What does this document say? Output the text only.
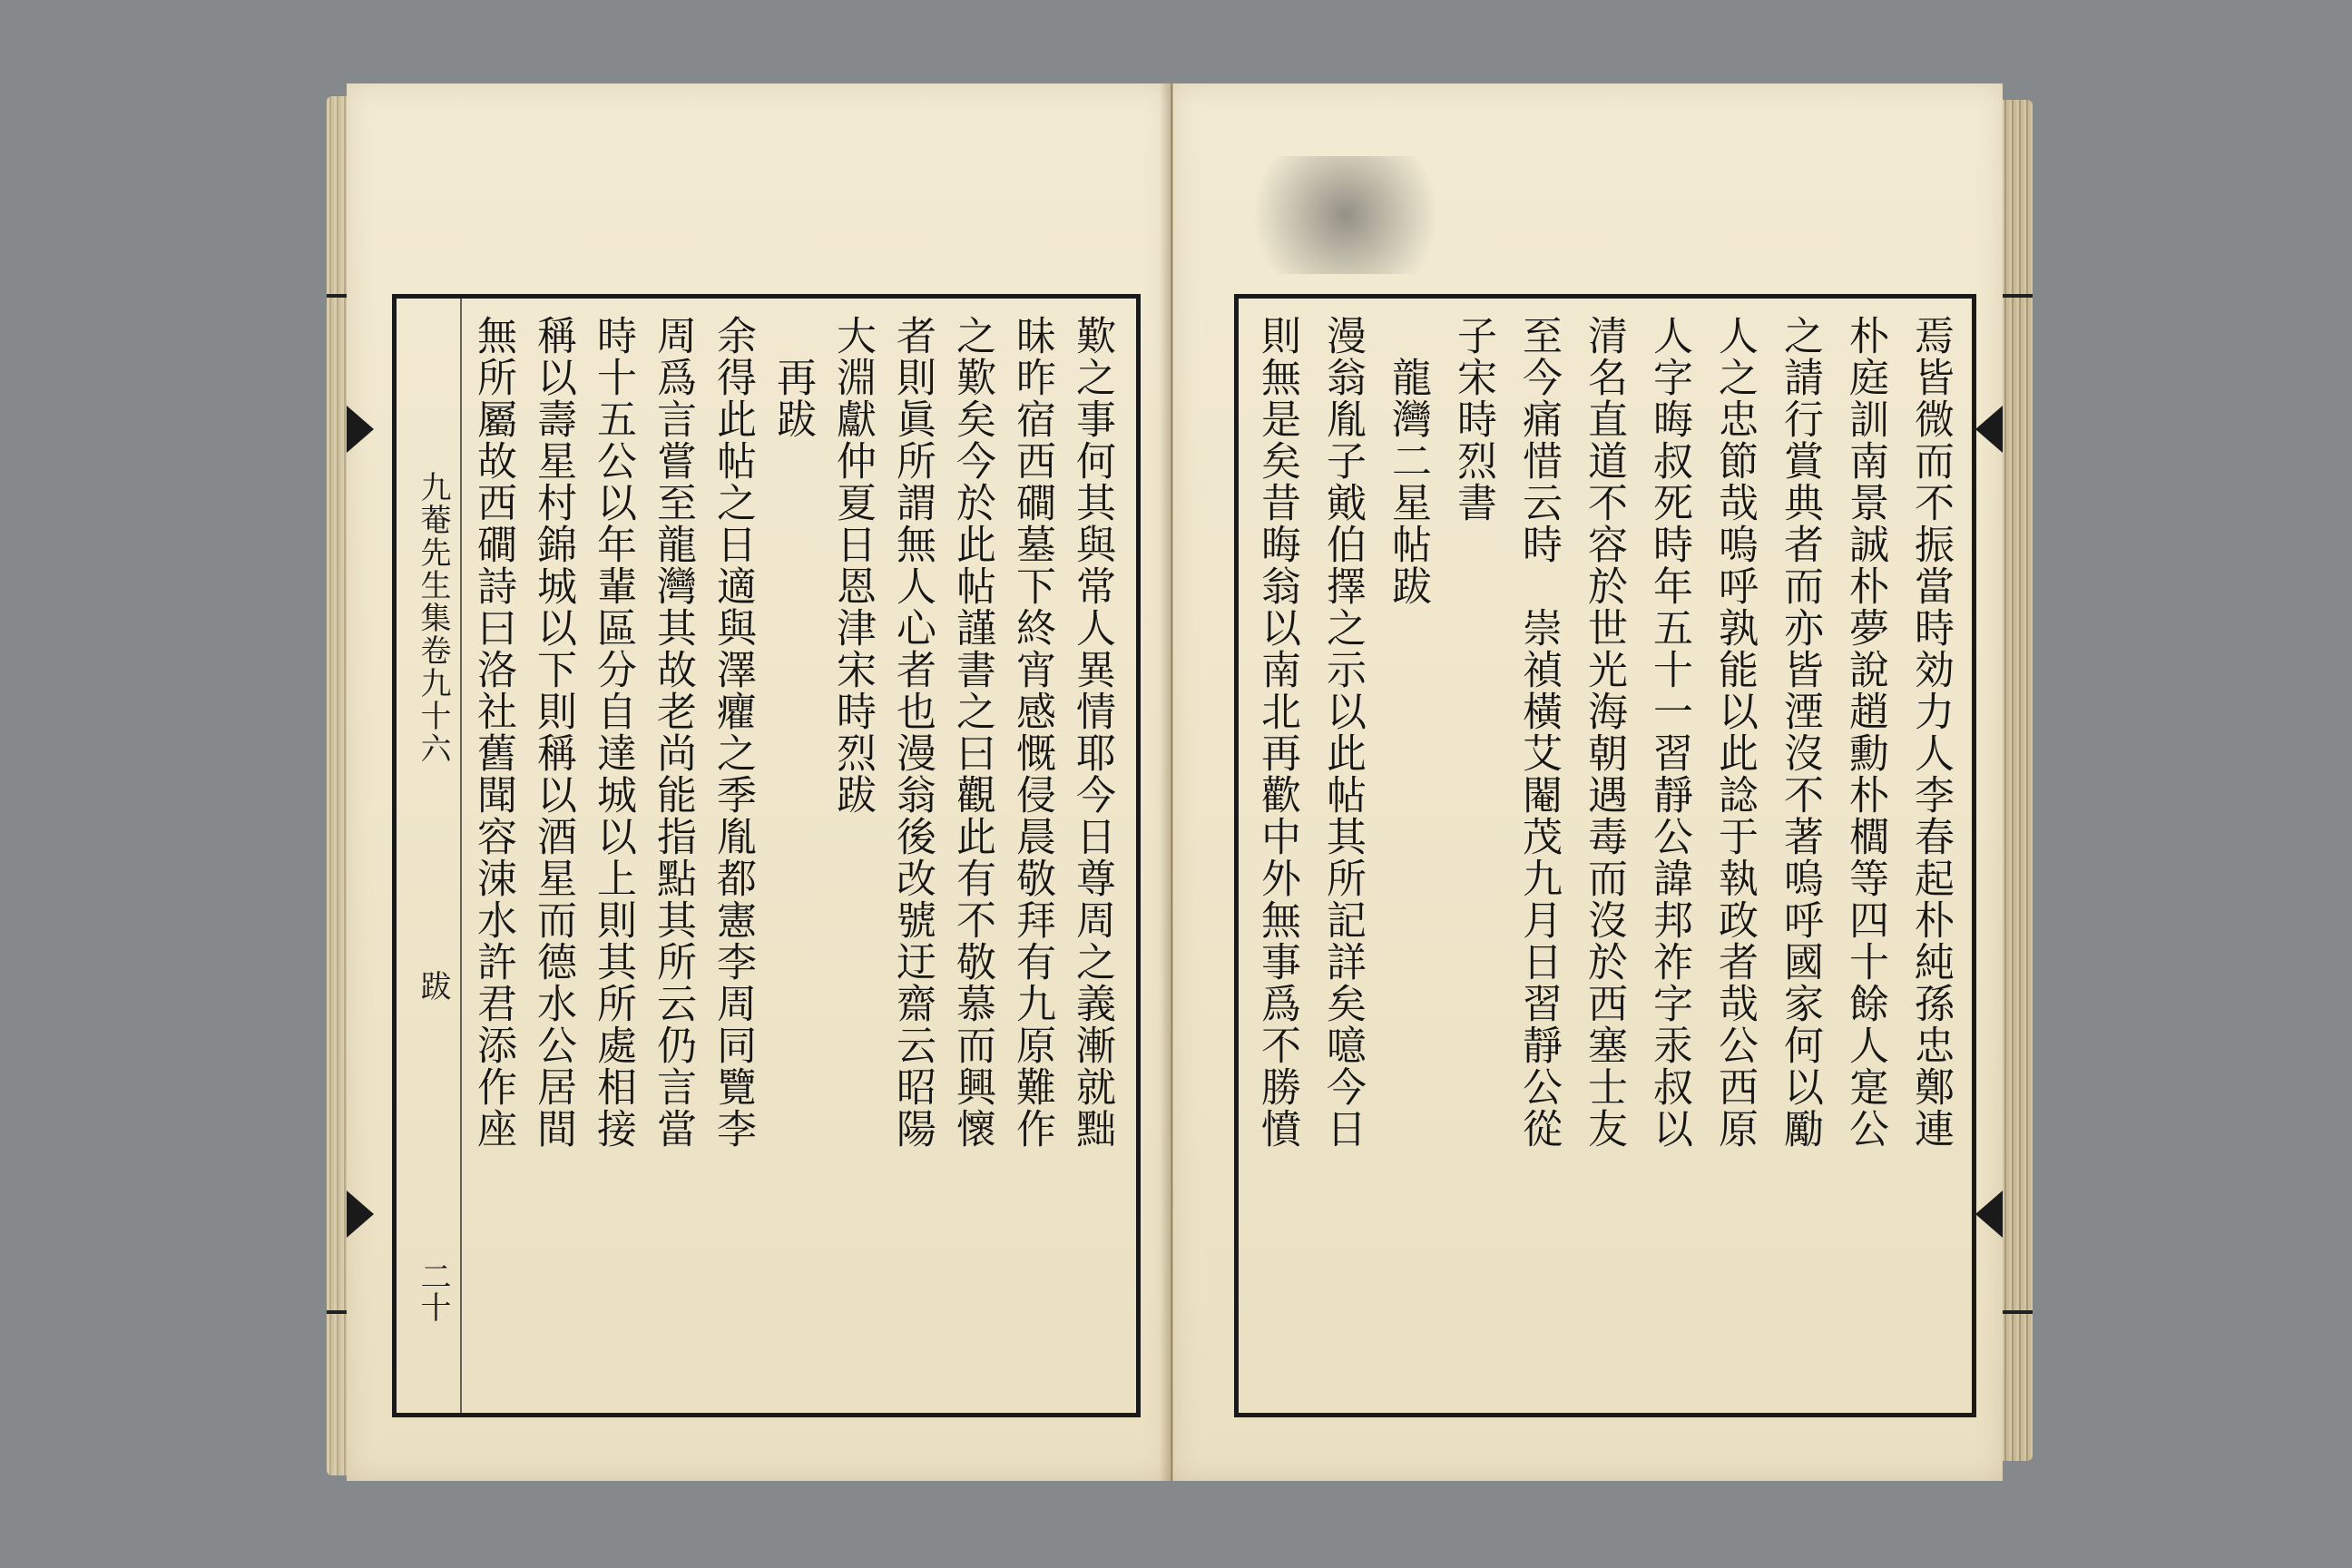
九菴先生集卷九十六
跋
二十
無所屬故西磵詩曰洛社舊聞容涑水許君添作座 稱以壽星村錦城以下則稱以酒星而德水公居間 時十五公以年輩區分自達城以上則其所處相接 周爲言嘗至龍灣其故老尚能指點其所云仍言當 余得此帖之日適與澤癯之季胤都憲李周同覽李 　再跋 大淵獻仲夏日恩津宋時烈跋 者則眞所謂無人心者也漫翁後改號迂齋云昭陽 之歎矣今於此帖謹書之曰觀此有不敬慕而興懷 昧昨宿西磵墓下終宵感慨侵晨敬拜有九原難作 歎之事何其與常人異情耶今日尊周之義漸就黜	則無是矣昔晦翁以南北再歡中外無事爲不勝憤 漫翁胤子戭伯擇之示以此帖其所記詳矣噫今日 　龍灣二星帖跋 子宋時烈書 至今痛惜云時　崇禎橫艾閹茂九月日習靜公從 清名直道不容於世光海朝遇毒而沒於西塞士友 人字晦叔死時年五十一習靜公諱邦祚字汞叔以 人之忠節哉嗚呼孰能以此諗于執政者哉公西原 之請行賞典者而亦皆湮沒不著嗚呼國家何以勵 朴庭訓南景誠朴夢說趙勳朴櫚等四十餘人寔公 焉皆微而不振當時効力人李春起朴純孫忠鄭連
